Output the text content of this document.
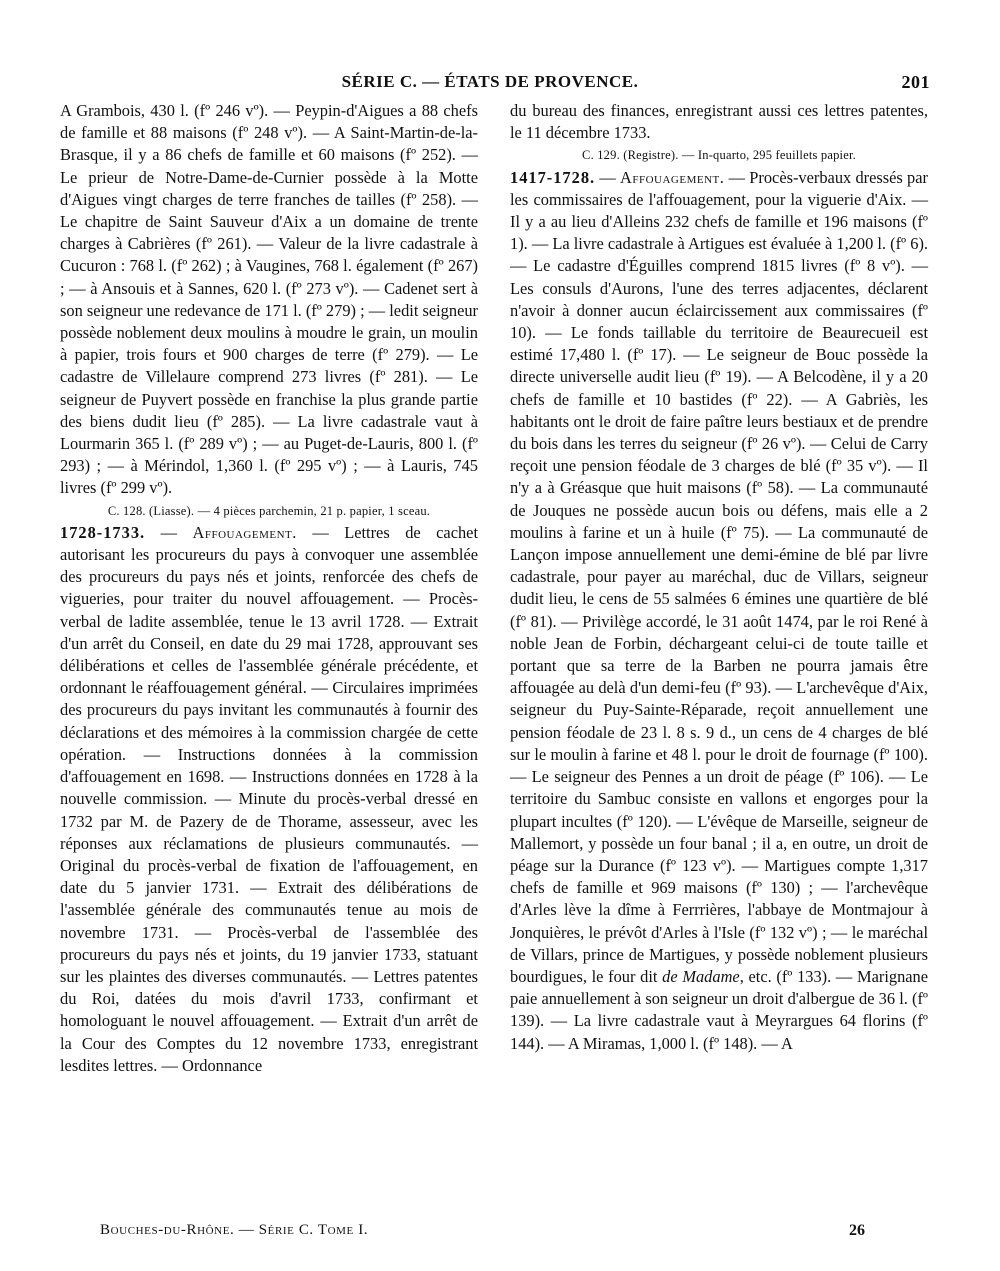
SÉRIE C. — ÉTATS DE PROVENCE.	201

A Grambois, 430 l. (fº 246 vº). — Peypin-d'Aigues a 88 chefs de famille et 88 maisons (fº 248 vº). — A Saint-Martin-de-la-Brasque, il y a 86 chefs de famille et 60 maisons (fº 252). — Le prieur de Notre-Dame-de-Curnier possède à la Motte d'Aigues vingt charges de terre franches de tailles (fº 258). — Le chapitre de Saint Sauveur d'Aix a un domaine de trente charges à Cabrières (fº 261). — Valeur de la livre cadastrale à Cucuron : 768 l. (fº 262) ; à Vaugines, 768 l. également (fº 267) ; — à Ansouis et à Sannes, 620 l. (fº 273 vº). — Cadenet sert à son seigneur une redevance de 171 l. (fº 279) ; — ledit seigneur possède noblement deux moulins à moudre le grain, un moulin à papier, trois fours et 900 charges de terre (fº 279). — Le cadastre de Villelaure comprend 273 livres (fº 281). — Le seigneur de Puyvert possède en franchise la plus grande partie des biens dudit lieu (fº 285). — La livre cadastrale vaut à Lourmarin 365 l. (fº 289 vº) ; — au Puget-de-Lauris, 800 l. (fº 293) ; — à Mérindol, 1,360 l. (fº 295 vº) ; — à Lauris, 745 livres (fº 299 vº).

C. 128. (Liasse). — 4 pièces parchemin, 21 p. papier, 1 sceau.

1728-1733. — Affouagement. — Lettres de cachet autorisant les procureurs du pays à convoquer une assemblée des procureurs du pays nés et joints, renforcée des chefs de vigueries, pour traiter du nouvel affouagement. — Procès-verbal de ladite assemblée, tenue le 13 avril 1728. — Extrait d'un arrêt du Conseil, en date du 29 mai 1728, approuvant ses délibérations et celles de l'assemblée générale précédente, et ordonnant le réaffouagement général. — Circulaires imprimées des procureurs du pays invitant les communautés à fournir des déclarations et des mémoires à la commission chargée de cette opération. — Instructions données à la commission d'affouagement en 1698. — Instructions données en 1728 à la nouvelle commission. — Minute du procès-verbal dressé en 1732 par M. de Pazery de de Thorame, assesseur, avec les réponses aux réclamations de plusieurs communautés. — Original du procès-verbal de fixation de l'affouagement, en date du 5 janvier 1731. — Extrait des délibérations de l'assemblée générale des communautés tenue au mois de novembre 1731. — Procès-verbal de l'assemblée des procureurs du pays nés et joints, du 19 janvier 1733, statuant sur les plaintes des diverses communautés. — Lettres patentes du Roi, datées du mois d'avril 1733, confirmant et homologuant le nouvel affouagement. — Extrait d'un arrêt de la Cour des Comptes du 12 novembre 1733, enregistrant lesdites lettres. — Ordonnance

du bureau des finances, enregistrant aussi ces lettres patentes, le 11 décembre 1733.

C. 129. (Registre). — In-quarto, 295 feuillets papier.

1417-1728. — Affouagement. — Procès-verbaux dressés par les commissaires de l'affouagement, pour la viguerie d'Aix. — Il y a au lieu d'Alleins 232 chefs de famille et 196 maisons (fº 1). — La livre cadastrale à Artigues est évaluée à 1,200 l. (fº 6). — Le cadastre d'Éguilles comprend 1815 livres (fº 8 vº). — Les consuls d'Aurons, l'une des terres adjacentes, déclarent n'avoir à donner aucun éclaircissement aux commissaires (fº 10). — Le fonds taillable du territoire de Beaurecueil est estimé 17,480 l. (fº 17). — Le seigneur de Bouc possède la directe universelle audit lieu (fº 19). — A Belcodène, il y a 20 chefs de famille et 10 bastides (fº 22). — A Gabriès, les habitants ont le droit de faire paître leurs bestiaux et de prendre du bois dans les terres du seigneur (fº 26 vº). — Celui de Carry reçoit une pension féodale de 3 charges de blé (fº 35 vº). — Il n'y a à Gréasque que huit maisons (fº 58). — La communauté de Jouques ne possède aucun bois ou défens, mais elle a 2 moulins à farine et un à huile (fº 75). — La communauté de Lançon impose annuellement une demi-émine de blé par livre cadastrale, pour payer au maréchal, duc de Villars, seigneur dudit lieu, le cens de 55 salmées 6 émines une quartière de blé (fº 81). — Privilège accordé, le 31 août 1474, par le roi René à noble Jean de Forbin, déchargeant celui-ci de toute taille et portant que sa terre de la Barben ne pourra jamais être affouagée au delà d'un demi-feu (fº 93). — L'archevêque d'Aix, seigneur du Puy-Sainte-Réparade, reçoit annuellement une pension féodale de 23 l. 8 s. 9 d., un cens de 4 charges de blé sur le moulin à farine et 48 l. pour le droit de fournage (fº 100). — Le seigneur des Pennes a un droit de péage (fº 106). — Le territoire du Sambuc consiste en vallons et engorges pour la plupart incultes (fº 120). — L'évêque de Marseille, seigneur de Mallemort, y possède un four banal ; il a, en outre, un droit de péage sur la Durance (fº 123 vº). — Martigues compte 1,317 chefs de famille et 969 maisons (fº 130) ; — l'archevêque d'Arles lève la dîme à Ferrrières, l'abbaye de Montmajour à Jonquières, le prévôt d'Arles à l'Isle (fº 132 vº) ; — le maréchal de Villars, prince de Martigues, y possède noblement plusieurs bourdigues, le four dit de Madame, etc. (fº 133). — Marignane paie annuellement à son seigneur un droit d'albergue de 36 l. (fº 139). — La livre cadastrale vaut à Meyrargues 64 florins (fº 144). — A Miramas, 1,000 l. (fº 148). — A

Bouches-du-Rhône. — Série C. Tome I.	26
